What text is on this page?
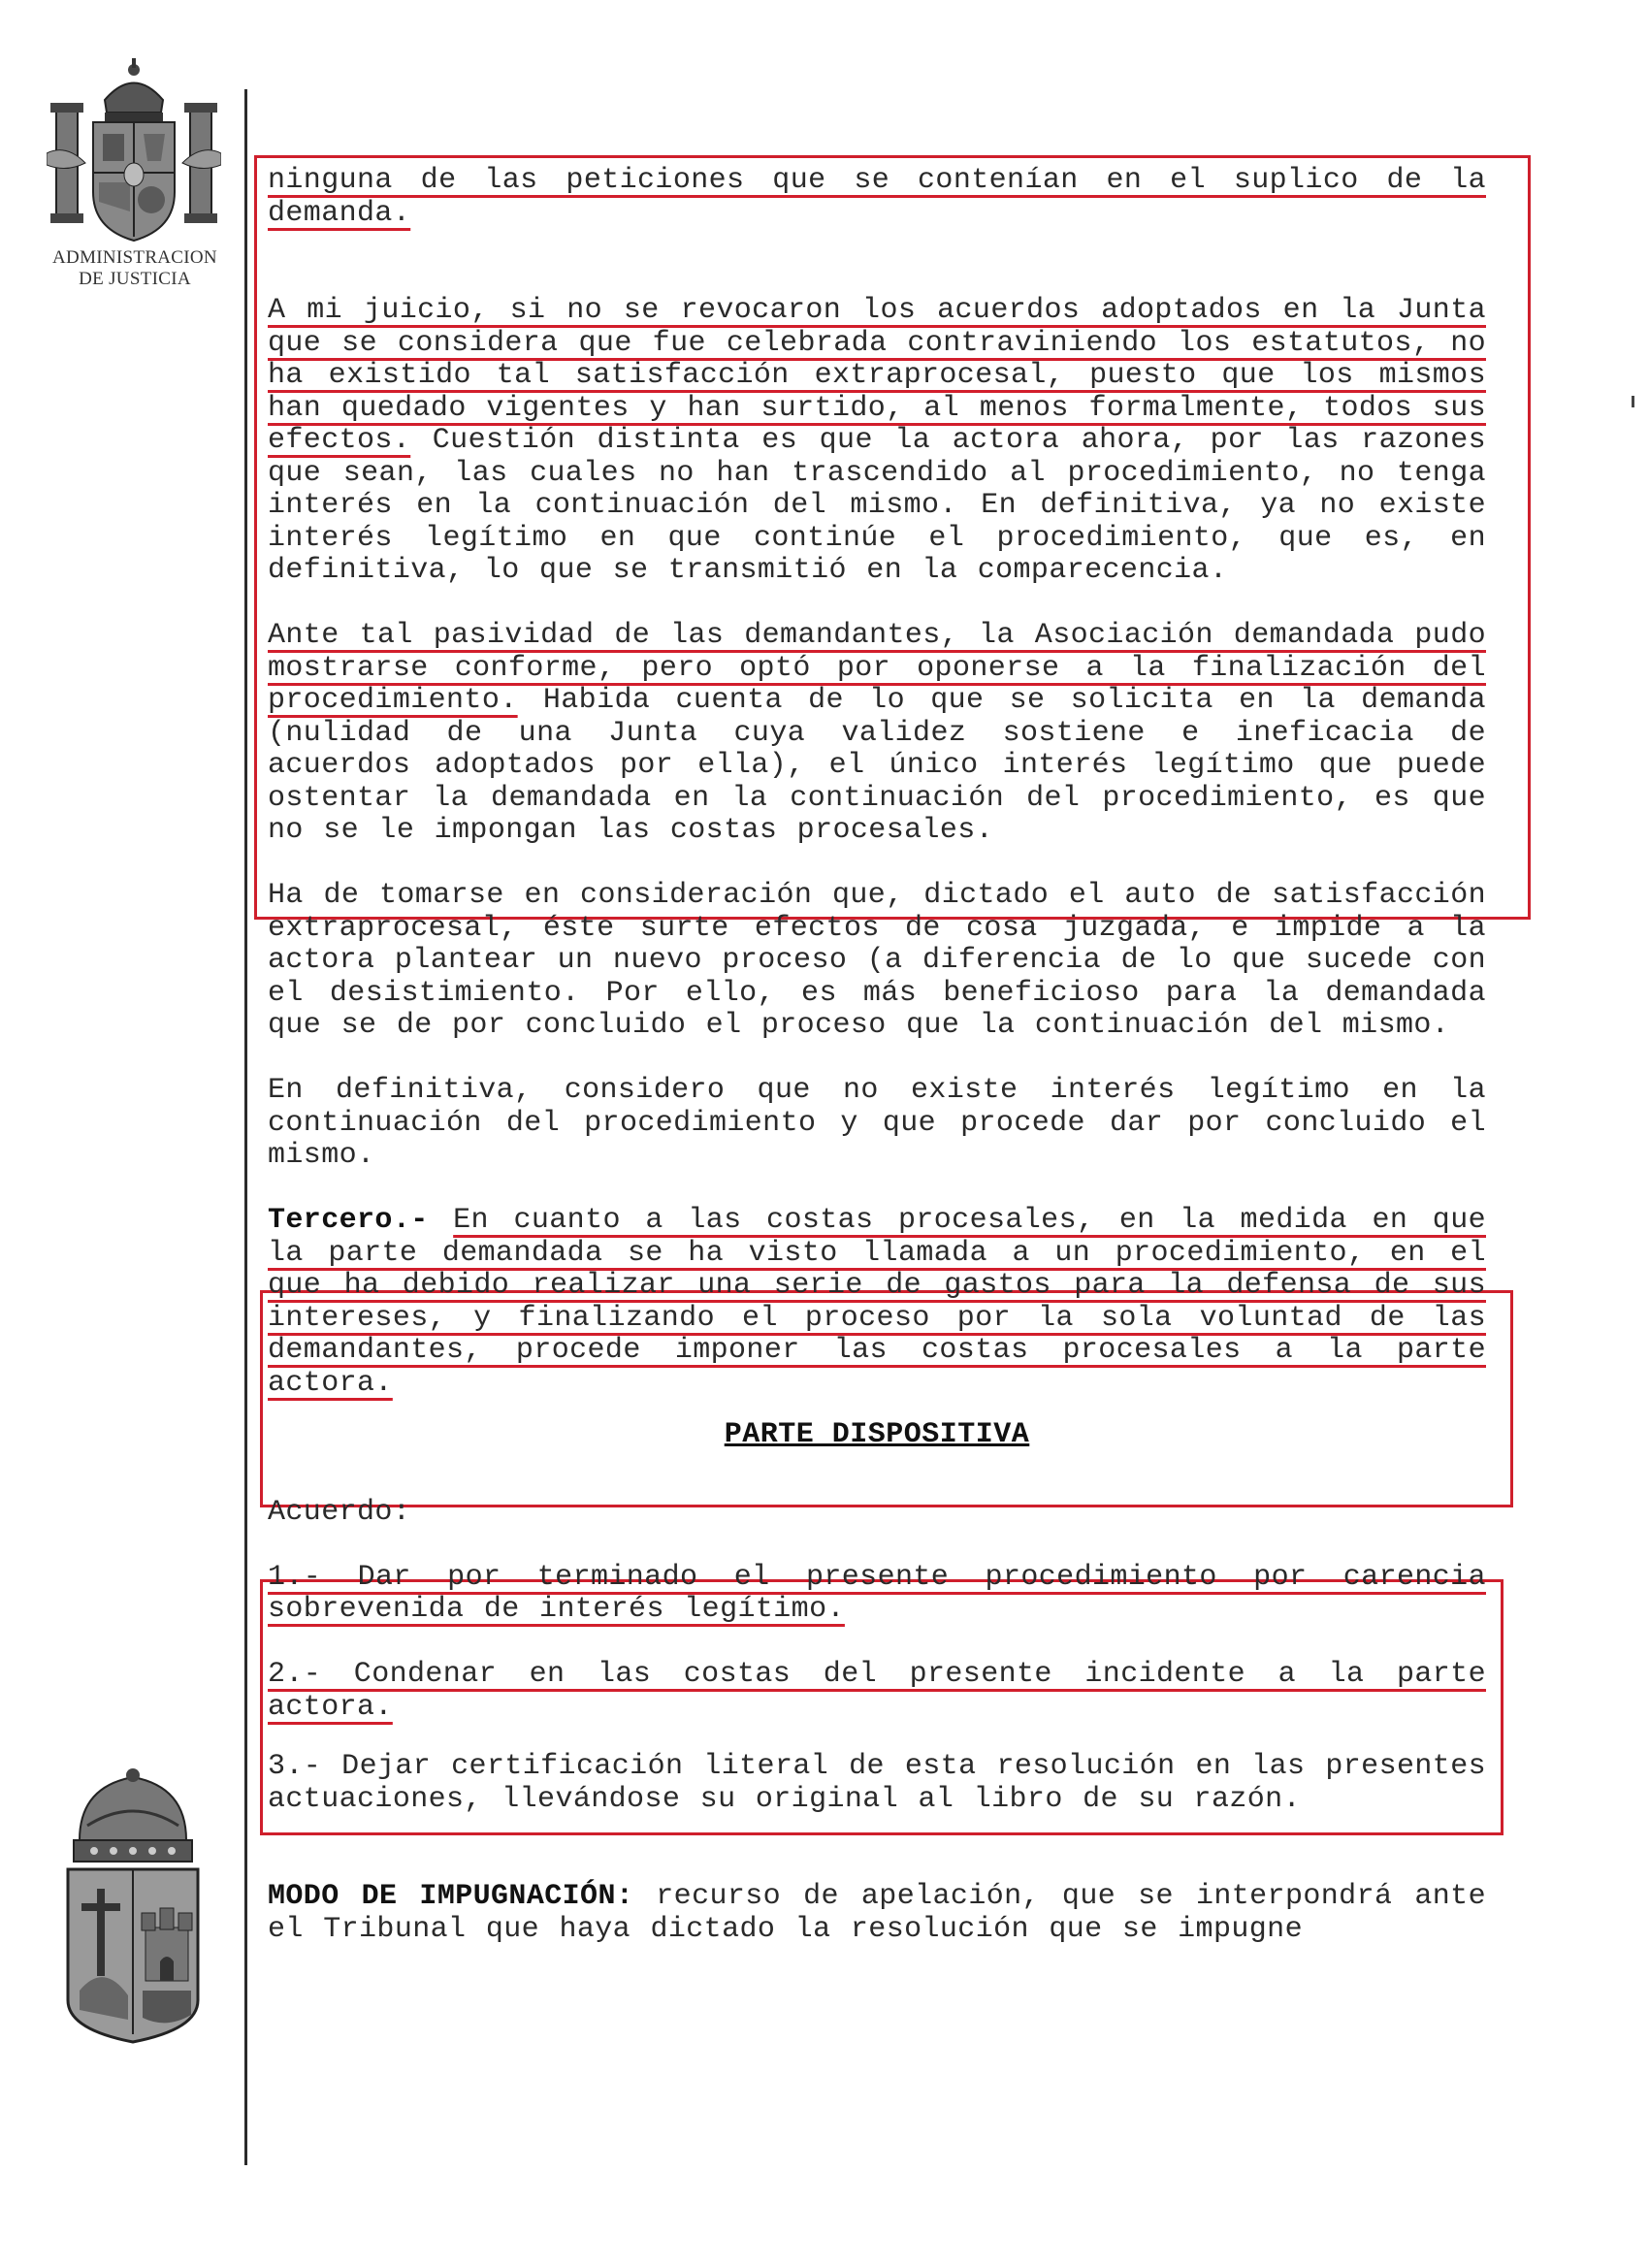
ADMINISTRACION
DE JUSTICIA

ninguna de las peticiones que se contenían en el suplico de la demanda.

A mi juicio, si no se revocaron los acuerdos adoptados en la Junta que se considera que fue celebrada contraviniendo los estatutos, no ha existido tal satisfacción extraprocesal, puesto que los mismos han quedado vigentes y han surtido, al menos formalmente, todos sus efectos. Cuestión distinta es que la actora ahora, por las razones que sean, las cuales no han trascendido al procedimiento, no tenga interés en la continuación del mismo. En definitiva, ya no existe interés legítimo en que continúe el procedimiento, que es, en definitiva, lo que se transmitió en la comparecencia.

Ante tal pasividad de las demandantes, la Asociación demandada pudo mostrarse conforme, pero optó por oponerse a la finalización del procedimiento. Habida cuenta de lo que se solicita en la demanda (nulidad de una Junta cuya validez sostiene e ineficacia de acuerdos adoptados por ella), el único interés legítimo que puede ostentar la demandada en la continuación del procedimiento, es que no se le impongan las costas procesales.

Ha de tomarse en consideración que, dictado el auto de satisfacción extraprocesal, éste surte efectos de cosa juzgada, e impide a la actora plantear un nuevo proceso (a diferencia de lo que sucede con el desistimiento. Por ello, es más beneficioso para la demandada que se de por concluido el proceso que la continuación del mismo.

En definitiva, considero que no existe interés legítimo en la continuación del procedimiento y que procede dar por concluido el mismo.

Tercero.- En cuanto a las costas procesales, en la medida en que la parte demandada se ha visto llamada a un procedimiento, en el que ha debido realizar una serie de gastos para la defensa de sus intereses, y finalizando el proceso por la sola voluntad de las demandantes, procede imponer las costas procesales a la parte actora.

PARTE DISPOSITIVA

Acuerdo:

1.- Dar por terminado el presente procedimiento por carencia sobrevenida de interés legítimo.

2.- Condenar en las costas del presente incidente a la parte actora.

3.- Dejar certificación literal de esta resolución en las presentes actuaciones, llevándose su original al libro de su razón.

MODO DE IMPUGNACIÓN: recurso de apelación, que se interpondrá ante el Tribunal que haya dictado la resolución que se impugne
